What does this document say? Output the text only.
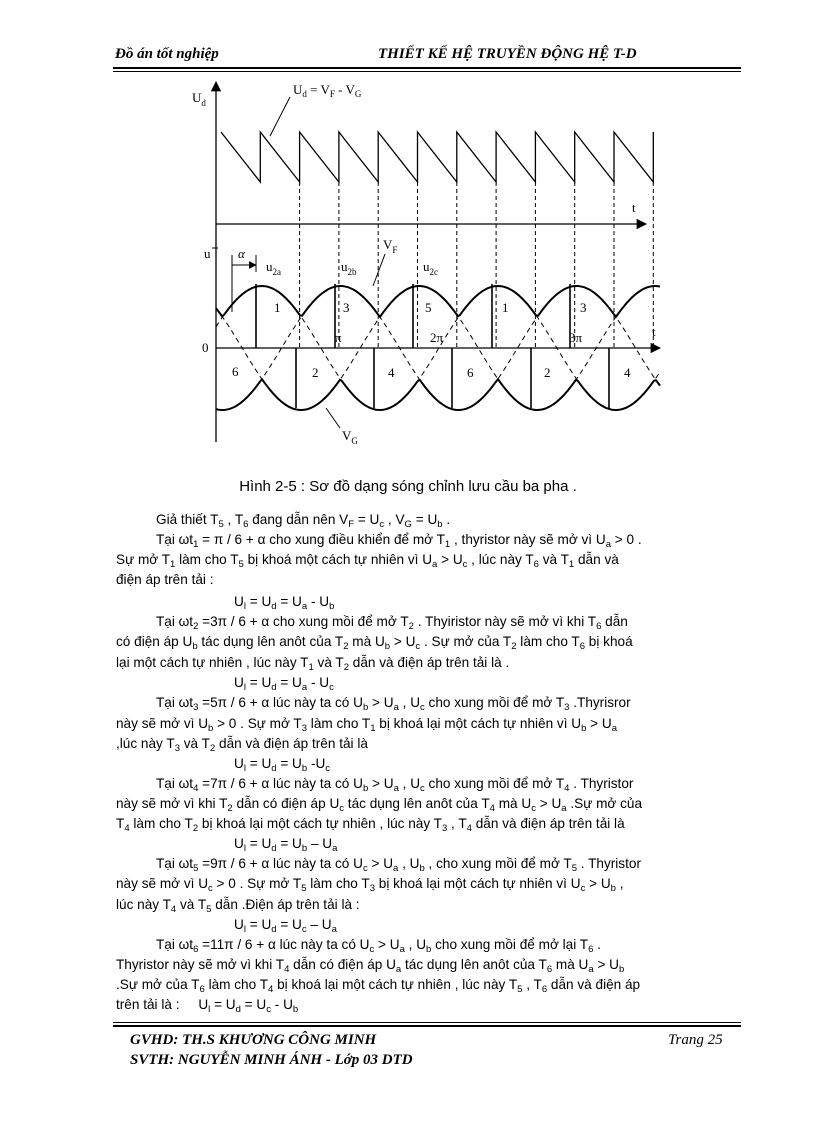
Đồ án tốt nghiệp	THIẾT KẾ HỆ TRUYỀN ĐỘNG HỆ T-D
$U_d$
$U_d = V_F - V_G$
t
t
u
0
$u_{2a}$	$u_{2b}$	$u_{2c}$
$V_F$
$V_G$
α
π	2π	3π
1	3	5	1	3
6	2	4	6	2	4
Hình 2-5 : Sơ đồ dạng sóng chỉnh lưu cầu ba pha .
Giả thiết $T_5$ , $T_6$ đang dẫn nên $V_F = U_c$ , $V_G = U_b$ .
Tại $\omega t_1 = \pi / 6 + \alpha$ cho xung điều khiển để mở $T_1$ , thyristor này sẽ mở vì $U_a > 0$ .
Sự mở $T_1$ làm cho $T_5$ bị khoá một cách tự nhiên vì $U_a > U_c$ , lúc này $T_6$ và $T_1$ dẫn và
điện áp trên tải :
$U_l = U_d = U_a - U_b$
Tại $\omega t_2 =3\pi / 6 + \alpha$ cho xung mồi để mở $T_2$ . Thyiristor này sẽ mở vì khi $T_6$ dẫn
có điện áp $U_b$ tác dụng lên anôt của $T_2$ mà $U_b > U_c$ . Sự mở của $T_2$ làm cho $T_6$ bị khoá
lại một cách tự nhiên , lúc này $T_1$ và $T_2$ dẫn và điện áp trên tải là .
$U_l = U_d = U_a - U_c$
Tại $\omega t_3 =5\pi / 6 + \alpha$ lúc này ta có $U_b > U_a$ , $U_c$ cho xung mồi để mở $T_3$ .Thyrisror
này sẽ mở vì $U_b > 0$ . Sự mở $T_3$ làm cho $T_1$ bị khoá lại một cách tự nhiên vì $U_b > U_a$
,lúc này $T_3$ và $T_2$ dẫn và điện áp trên tải là
$U_l = U_d = U_b$ $-U_c$
Tại $\omega t_4 =7\pi / 6 + \alpha$ lúc này ta có $U_b > U_a$ , $U_c$ cho xung mồi để mở $T_4$ . Thyristor
này sẽ mở vì khi $T_2$ dẫn có điện áp $U_c$ tác dụng lên anôt của $T_4$ mà $U_c > U_a$ .Sự mở của
$T_4$ làm cho $T_2$ bị khoá lại một cách tự nhiên , lúc này $T_3$ , $T_4$ dẫn và điện áp trên tải là
$U_l = U_d = U_b - U_a$
Tại $\omega t_5 =9\pi / 6 + \alpha$ lúc này ta có $U_c > U_a$ , $U_b$ , cho xung mồi để mở $T_5$ . Thyristor
này sẽ mở vì $U_c > 0$ . Sự mở $T_5$ làm cho $T_3$ bị khoá lại một cách tự nhiên vì $U_c > U_b$ ,
lúc này $T_4$ và $T_5$ dẫn .Điện áp trên tải là :
$U_l = U_d = U_c - U_a$
Tại $\omega t_6 =11\pi / 6 + \alpha$ lúc này ta có $U_c > U_a$ , $U_b$ cho xung mồi để mở lại $T_6$ .
Thyristor này sẽ mở vì khi $T_4$ dẫn có điện áp $U_a$ tác dụng lên anôt của $T_6$ mà $U_a > U_b$
.Sự mở của $T_6$ làm cho $T_4$ bị khoá lại một cách tự nhiên , lúc này $T_5$ , $T_6$ dẫn và điện áp
trên tải là :     $U_l = U_d = U_c - U_b$
GVHD: TH.S KHƯƠNG CÔNG MINH
SVTH: NGUYỄN MINH ÁNH - Lớp 03 DTD
Trang 25
